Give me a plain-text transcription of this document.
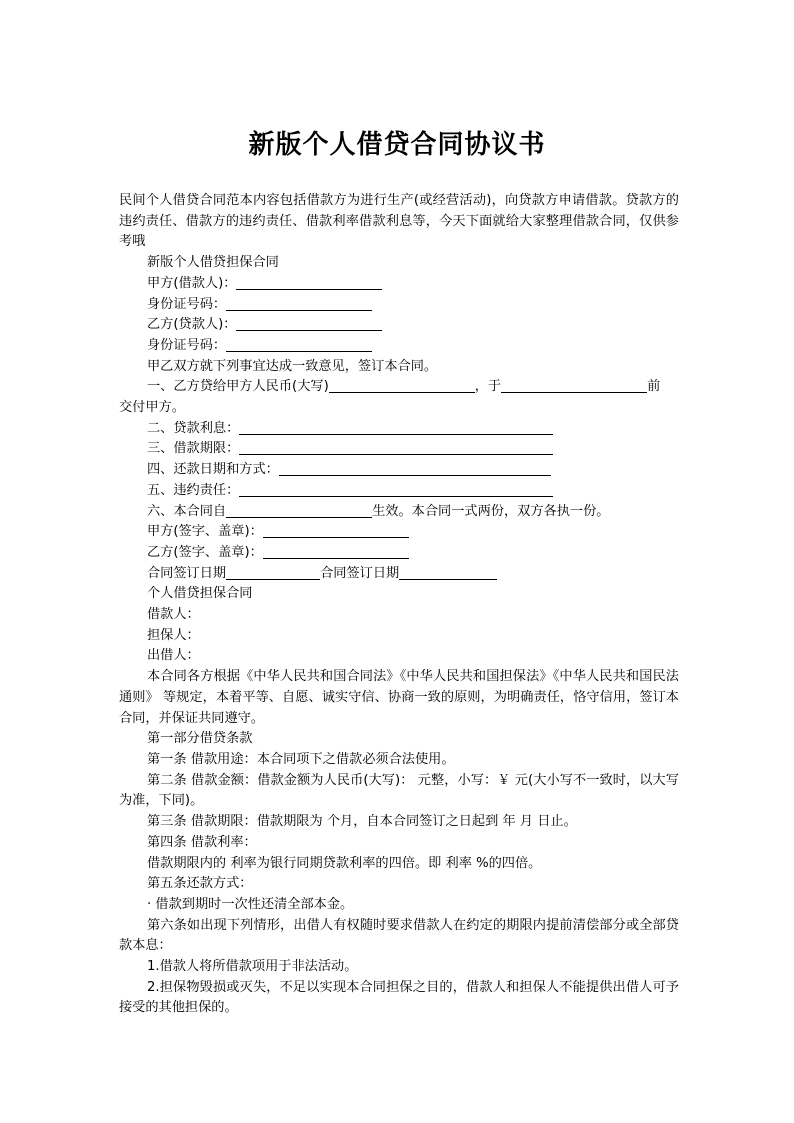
新版个人借贷合同协议书

民间个人借贷合同范本内容包括借款方为进行生产(或经营活动)，向贷款方申请借款。贷款方的违约责任、借款方的违约责任、借款利率借款利息等，今天下面就给大家整理借款合同，仅供参考哦

新版个人借贷担保合同

甲方(借款人)：

身份证号码：

乙方(贷款人)：

身份证号码：

甲乙双方就下列事宜达成一致意见，签订本合同。

一、乙方贷给甲方人民币(大写)	，于	前

交付甲方。

二、贷款利息：

三、借款期限：

四、还款日期和方式：

五、违约责任：

六、本合同自	生效。本合同一式两份，双方各执一份。

甲方(签字、盖章)：

乙方(签字、盖章)：

合同签订日期	合同签订日期

个人借贷担保合同

借款人：

担保人：

出借人：

本合同各方根据《中华人民共和国合同法》《中华人民共和国担保法》《中华人民共和国民法通则》 等规定，本着平等、自愿、诚实守信、协商一致的原则，为明确责任，恪守信用，签订本合同，并保证共同遵守。

第一部分借贷条款

第一条 借款用途：本合同项下之借款必须合法使用。

第二条 借款金额：借款金额为人民币(大写)： 元整，小写：￥ 元(大小写不一致时，以大写为准，下同)。

第三条 借款期限：借款期限为 个月，自本合同签订之日起到 年 月 日止。

第四条 借款利率：

借款期限内的 利率为银行同期贷款利率的四倍。即 利率 %的四倍。

第五条还款方式：

· 借款到期时一次性还清全部本金。

第六条如出现下列情形，出借人有权随时要求借款人在约定的期限内提前清偿部分或全部贷款本息：

1.借款人将所借款项用于非法活动。

2.担保物毁损或灭失，不足以实现本合同担保之目的，借款人和担保人不能提供出借人可予接受的其他担保的。
